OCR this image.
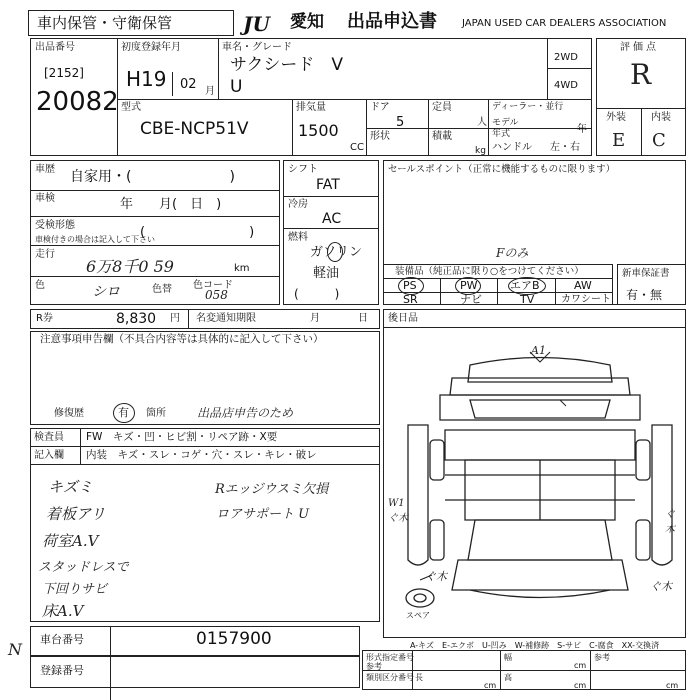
車内保管・守衛保管	JU	愛知 出品申込書	JAPAN USED CAR DEALERS ASSOCIATION
出品番号
[2152]
20082
初度登録年月
H19 02 月
車名・グレード
サクシード　V
U
2WD
4WD
評価点
R
外装	内装
E C
型式
CBE-NCP51V
排気量
1500
CC
ドア
5
形状
定員
人
積載
kg
ディーラー・並行
モデル年式	年
ハンドル 左・右
車歴 自家用・(　　　　　　　)
車検	年　　月(　日　)
受検形態
車検付きの場合は記入して下さい
(　　　　　　　　)
走行
6万8千0 59	km
色	シロ	色替 色コード
058
シフト
FAT
冷房
AC
燃料
ガソリン
軽油
(　　　)
セールスポイント（正常に機能するものに限ります）
Fのみ
装備品（純正品に限り○をつけてください）
PS	PW	エアB	AW
SR	ナビ	TV	カワシート
新車保証書
有・無
R券	8,830 円 名変通知期限	月	日
注意事項申告欄（不具合内容等は具体的に記入して下さい）
修復歴	有 箇所	出品店申告のため
検査員
記入欄
FW　キズ・凹・ヒビ割・リペア跡・X要
内装　キズ・スレ・コゲ・穴・スレ・キレ・破レ
キズミ
着板アリ
荷室A.V
スタッドレスで
下回りサビ
床A.V
Rエッジウスミ欠損
ロアサポート U
後日品
A1
W1ぐ木	ぐ木
ぐ木
ぐ木
スペア
A-キズ　E-エクボ　U-凹み　W-補修跡　S-サビ　C-腐食　XX-交換済
車台番号	0157900
登録番号
形式指定番号
参考
類別区分番号 長
cm
幅
cm
高
cm
参考
cm
N
